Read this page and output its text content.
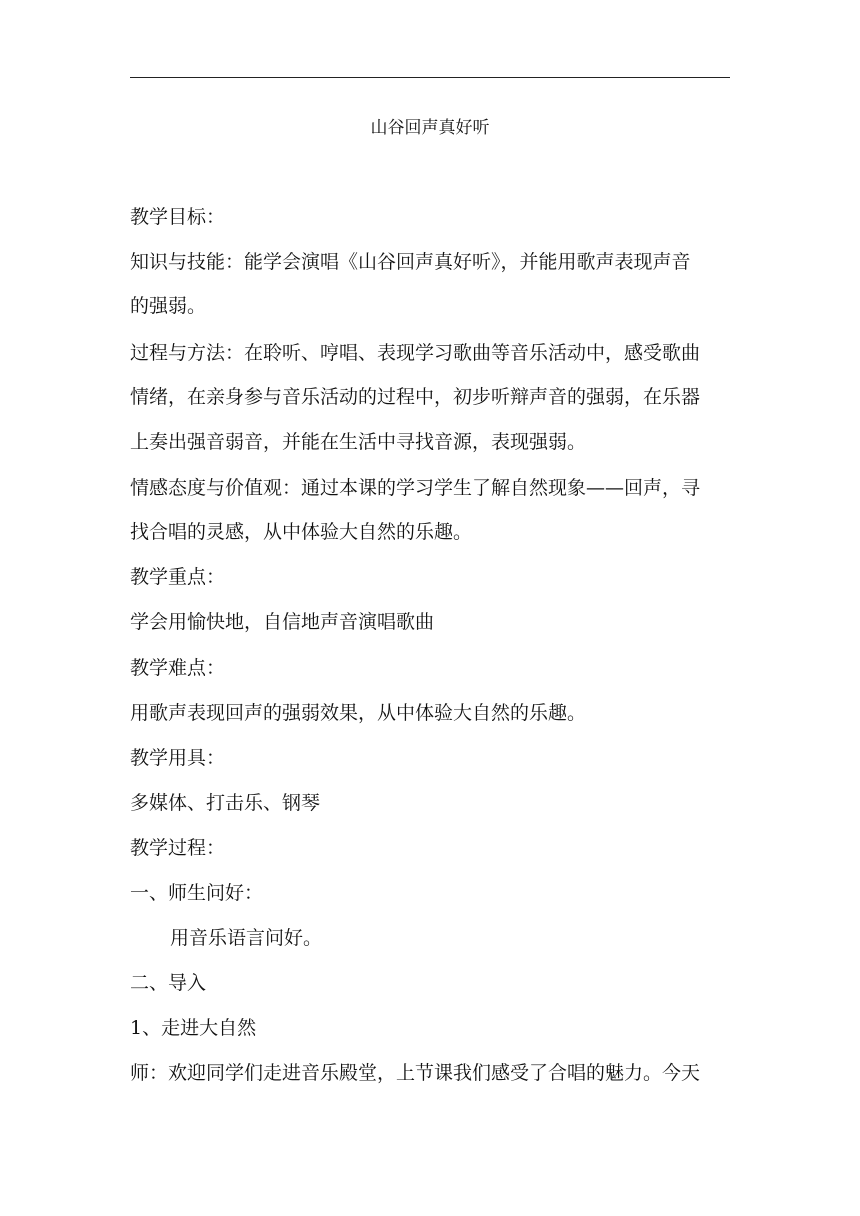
山谷回声真好听
教学目标：
知识与技能：能学会演唱《山谷回声真好听》，并能用歌声表现声音
的强弱。
过程与方法：在聆听、哼唱、表现学习歌曲等音乐活动中，感受歌曲
情绪，在亲身参与音乐活动的过程中，初步听辩声音的强弱，在乐器
上奏出强音弱音，并能在生活中寻找音源，表现强弱。
情感态度与价值观：通过本课的学习学生了解自然现象——回声，寻
找合唱的灵感，从中体验大自然的乐趣。
教学重点：
学会用愉快地，自信地声音演唱歌曲
教学难点：
用歌声表现回声的强弱效果，从中体验大自然的乐趣。
教学用具：
多媒体、打击乐、钢琴
教学过程：
一、师生问好：
用音乐语言问好。
二、导入
1、走进大自然
师：欢迎同学们走进音乐殿堂，上节课我们感受了合唱的魅力。今天
